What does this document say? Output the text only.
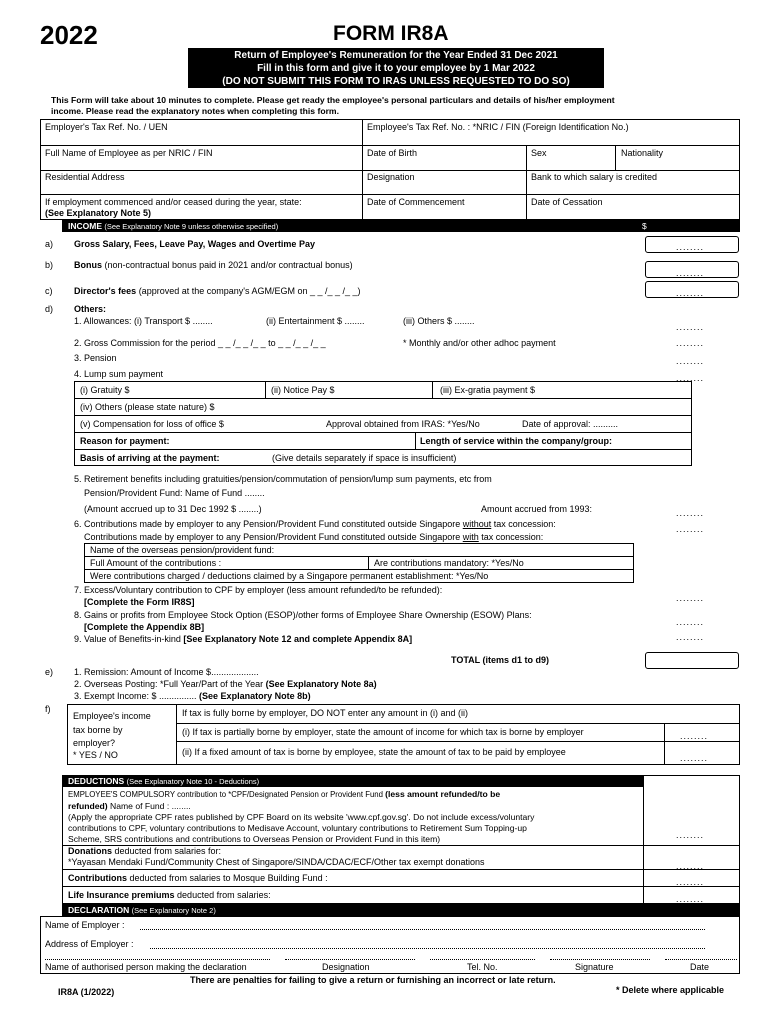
2022	FORM IR8A
Return of Employee's Remuneration for the Year Ended 31 Dec 2021
Fill in this form and give it to your employee by 1 Mar 2022
(DO NOT SUBMIT THIS FORM TO IRAS UNLESS REQUESTED TO DO SO)
This Form will take about 10 minutes to complete. Please get ready the employee's personal particulars and details of his/her employment
income. Please read the explanatory notes when completing this form.
Employer's Tax Ref. No. / UEN	Employee's Tax Ref. No. : *NRIC / FIN (Foreign Identification No.)
Full Name of Employee as per NRIC / FIN	Date of Birth	Sex	Nationality
Residential Address	Designation	Bank to which salary is credited
If employment commenced and/or ceased during the year, state:
(See Explanatory Note 5)
Date of Commencement	Date of Cessation
INCOME (See Explanatory Note 9 unless otherwise specified)	$
a) Gross Salary, Fees, Leave Pay, Wages and Overtime Pay	........
b) Bonus (non-contractual bonus paid in 2021 and/or contractual bonus)
........
c) Director's fees (approved at the company's AGM/EGM on _ _ /_ _ /_ _)	........
d) Others:
1. Allowances: (i) Transport $ ........	(ii) Entertainment $ ........	(iii) Others $ ........
........
2. Gross Commission for the period _ _ /_ _ /_ _ to _ _ /_ _ /_ _	* Monthly and/or other adhoc payment	........
3. Pension	........
4. Lump sum payment	........
(i) Gratuity $	(ii) Notice Pay $	(iii) Ex-gratia payment $
(iv) Others (please state nature) $
(v) Compensation for loss of office $	Approval obtained from IRAS: *Yes/No	Date of approval: ..........
Reason for payment:	Length of service within the company/group:
Basis of arriving at the payment:	(Give details separately if space is insufficient)
5. Retirement benefits including gratuities/pension/commutation of pension/lump sum payments, etc from
Pension/Provident Fund: Name of Fund ........
(Amount accrued up to 31 Dec 1992 $ ........)	Amount accrued from 1993:	........
6. Contributions made by employer to any Pension/Provident Fund constituted outside Singapore without tax concession:	........
Contributions made by employer to any Pension/Provident Fund constituted outside Singapore with tax concession:
Name of the overseas pension/provident fund:
Full Amount of the contributions :	Are contributions mandatory: *Yes/No
Were contributions charged / deductions claimed by a Singapore permanent establishment: *Yes/No
7. Excess/Voluntary contribution to CPF by employer (less amount refunded/to be refunded):
[Complete the Form IR8S]	........
8. Gains or profits from Employee Stock Option (ESOP)/other forms of Employee Share Ownership (ESOW) Plans:
[Complete the Appendix 8B]	........
9. Value of Benefits-in-kind [See Explanatory Note 12 and complete Appendix 8A]	........
TOTAL (items d1 to d9)
e) 1. Remission: Amount of Income $...................
2. Overseas Posting: *Full Year/Part of the Year (See Explanatory Note 8a)
3. Exempt Income: $ ............... (See Explanatory Note 8b)
f)
Employee's income
tax borne by
employer?
* YES / NO
If tax is fully borne by employer, DO NOT enter any amount in (i) and (ii)
(i) If tax is partially borne by employer, state the amount of income for which tax is borne by employer	........
(ii) If a fixed amount of tax is borne by employee, state the amount of tax to be paid by employee
........
DEDUCTIONS (See Explanatory Note 10 - Deductions)
EMPLOYEE'S COMPULSORY contribution to *CPF/Designated Pension or Provident Fund (less amount refunded/to be
refunded) Name of Fund : ........
(Apply the appropriate CPF rates published by CPF Board on its website 'www.cpf.gov.sg'. Do not include excess/voluntary
contributions to CPF, voluntary contributions to Medisave Account, voluntary contributions to Retirement Sum Topping-up
Scheme, SRS contributions and contributions to Overseas Pension or Provident Fund in this item)	........
Donations deducted from salaries for:
*Yayasan Mendaki Fund/Community Chest of Singapore/SINDA/CDAC/ECF/Other tax exempt donations	........
Contributions deducted from salaries to Mosque Building Fund :	........
Life Insurance premiums deducted from salaries:	........
DECLARATION (See Explanatory Note 2)
Name of Employer :
Address of Employer :
Name of authorised person making the declaration	Designation	Tel. No.	Signature	Date
There are penalties for failing to give a return or furnishing an incorrect or late return.
IR8A (1/2022)	* Delete where applicable
